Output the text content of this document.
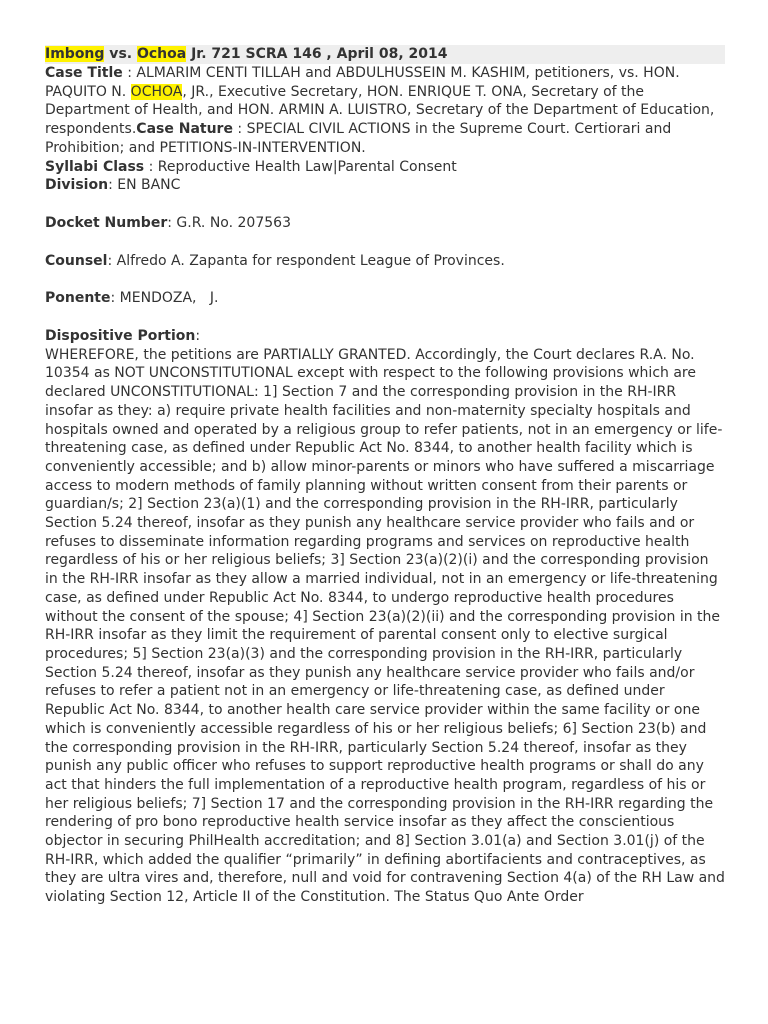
Imbong vs. Ochoa Jr. 721 SCRA 146 , April 08, 2014

Case Title : ALMARIM CENTI TILLAH and ABDULHUSSEIN M. KASHIM, petitioners, vs. HON. PAQUITO N. OCHOA, JR., Executive Secretary, HON. ENRIQUE T. ONA, Secretary of the Department of Health, and HON. ARMIN A. LUISTRO, Secretary of the Department of Education, respondents.Case Nature : SPECIAL CIVIL ACTIONS in the Supreme Court. Certiorari and Prohibition; and PETITIONS-IN-INTERVENTION.

Syllabi Class : Reproductive Health Law|Parental Consent

Division: EN BANC

Docket Number: G.R. No. 207563

Counsel: Alfredo A. Zapanta for respondent League of Provinces.

Ponente: MENDOZA,   J.

Dispositive Portion:

WHEREFORE, the petitions are PARTIALLY GRANTED. Accordingly, the Court declares R.A. No. 10354 as NOT UNCONSTITUTIONAL except with respect to the following provisions which are declared UNCONSTITUTIONAL: 1] Section 7 and the corresponding provision in the RH-IRR insofar as they: a) require private health facilities and non-maternity specialty hospitals and hospitals owned and operated by a religious group to refer patients, not in an emergency or life-threatening case, as defined under Republic Act No. 8344, to another health facility which is conveniently accessible; and b) allow minor-parents or minors who have suffered a miscarriage access to modern methods of family planning without written consent from their parents or guardian/s; 2] Section 23(a)(1) and the corresponding provision in the RH-IRR, particularly Section 5.24 thereof, insofar as they punish any healthcare service provider who fails and or refuses to disseminate information regarding programs and services on reproductive health regardless of his or her religious beliefs; 3] Section 23(a)(2)(i) and the corresponding provision in the RH-IRR insofar as they allow a married individual, not in an emergency or life-threatening case, as defined under Republic Act No. 8344, to undergo reproductive health procedures without the consent of the spouse; 4] Section 23(a)(2)(ii) and the corresponding provision in the RH-IRR insofar as they limit the requirement of parental consent only to elective surgical procedures; 5] Section 23(a)(3) and the corresponding provision in the RH-IRR, particularly Section 5.24 thereof, insofar as they punish any healthcare service provider who fails and/or refuses to refer a patient not in an emergency or life-threatening case, as defined under Republic Act No. 8344, to another health care service provider within the same facility or one which is conveniently accessible regardless of his or her religious beliefs; 6] Section 23(b) and the corresponding provision in the RH-IRR, particularly Section 5.24 thereof, insofar as they punish any public officer who refuses to support reproductive health programs or shall do any act that hinders the full implementation of a reproductive health program, regardless of his or her religious beliefs; 7] Section 17 and the corresponding provision in the RH-IRR regarding the rendering of pro bono reproductive health service insofar as they affect the conscientious objector in securing PhilHealth accreditation; and 8] Section 3.01(a) and Section 3.01(j) of the RH-IRR, which added the qualifier “primarily” in defining abortifacients and contraceptives, as they are ultra vires and, therefore, null and void for contravening Section 4(a) of the RH Law and violating Section 12, Article II of the Constitution. The Status Quo Ante Order
